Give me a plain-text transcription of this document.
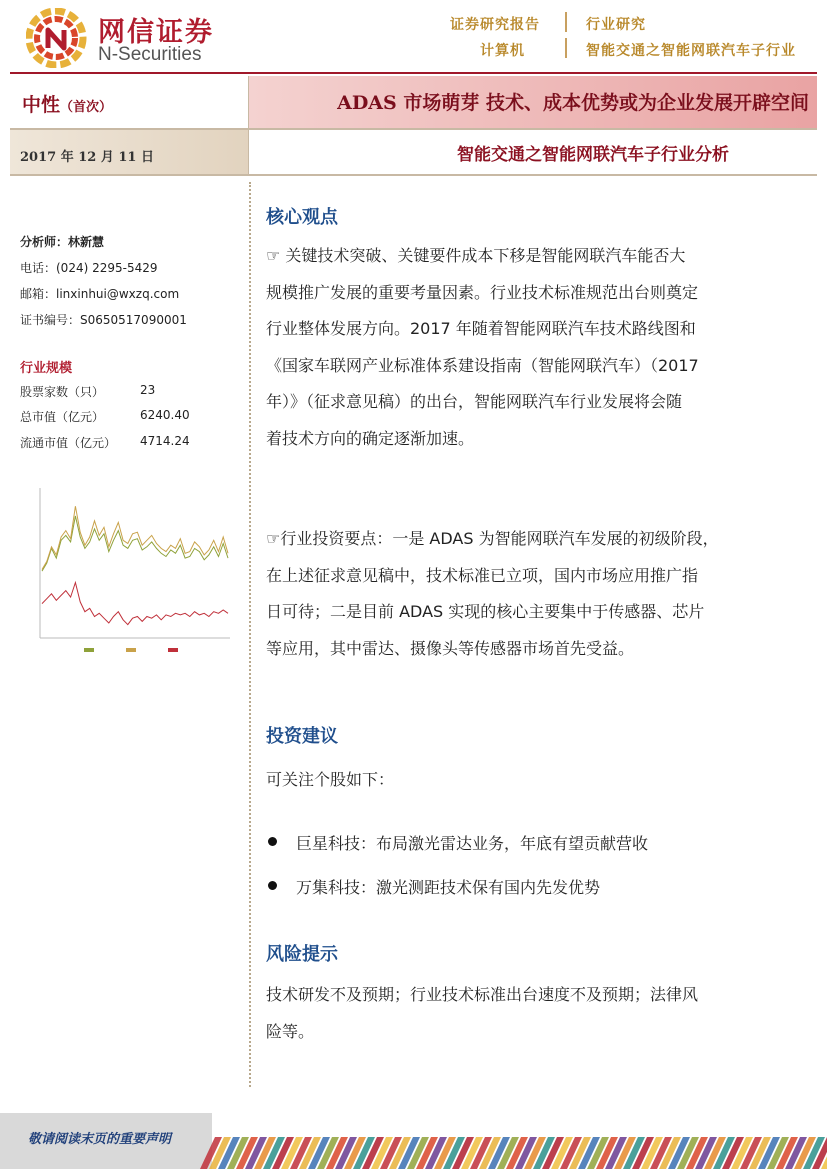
网信证券
N-Securities
证券研究报告
计算机
行业研究
智能交通之智能网联汽车子行业
中性（首次）	ADAS 市场萌芽 技术、成本优势或为企业发展开辟空间
2017 年 12 月 11 日	智能交通之智能网联汽车子行业分析
分析师：林新慧
电话：(024) 2295-5429
邮箱：linxinhui@wxzq.com
证书编号：S0650517090001
行业规模
股票家数（只）	23
总市值（亿元）	6240.40
流通市值（亿元） 4714.24
核心观点
☞ 关键技术突破、关键要件成本下移是智能网联汽车能否大
规模推广发展的重要考量因素。行业技术标准规范出台则奠定
行业整体发展方向。2017 年随着智能网联汽车技术路线图和
《国家车联网产业标准体系建设指南（智能网联汽车）（2017
年）》（征求意见稿）的出台，智能网联汽车行业发展将会随
着技术方向的确定逐渐加速。
☞行业投资要点：一是 ADAS 为智能网联汽车发展的初级阶段，
在上述征求意见稿中，技术标准已立项，国内市场应用推广指
日可待；二是目前 ADAS 实现的核心主要集中于传感器、芯片
等应用，其中雷达、摄像头等传感器市场首先受益。
投资建议
可关注个股如下：
巨星科技：布局激光雷达业务，年底有望贡献营收
万集科技：激光测距技术保有国内先发优势
风险提示
技术研发不及预期；行业技术标准出台速度不及预期；法律风
险等。
敬请阅读末页的重要声明
